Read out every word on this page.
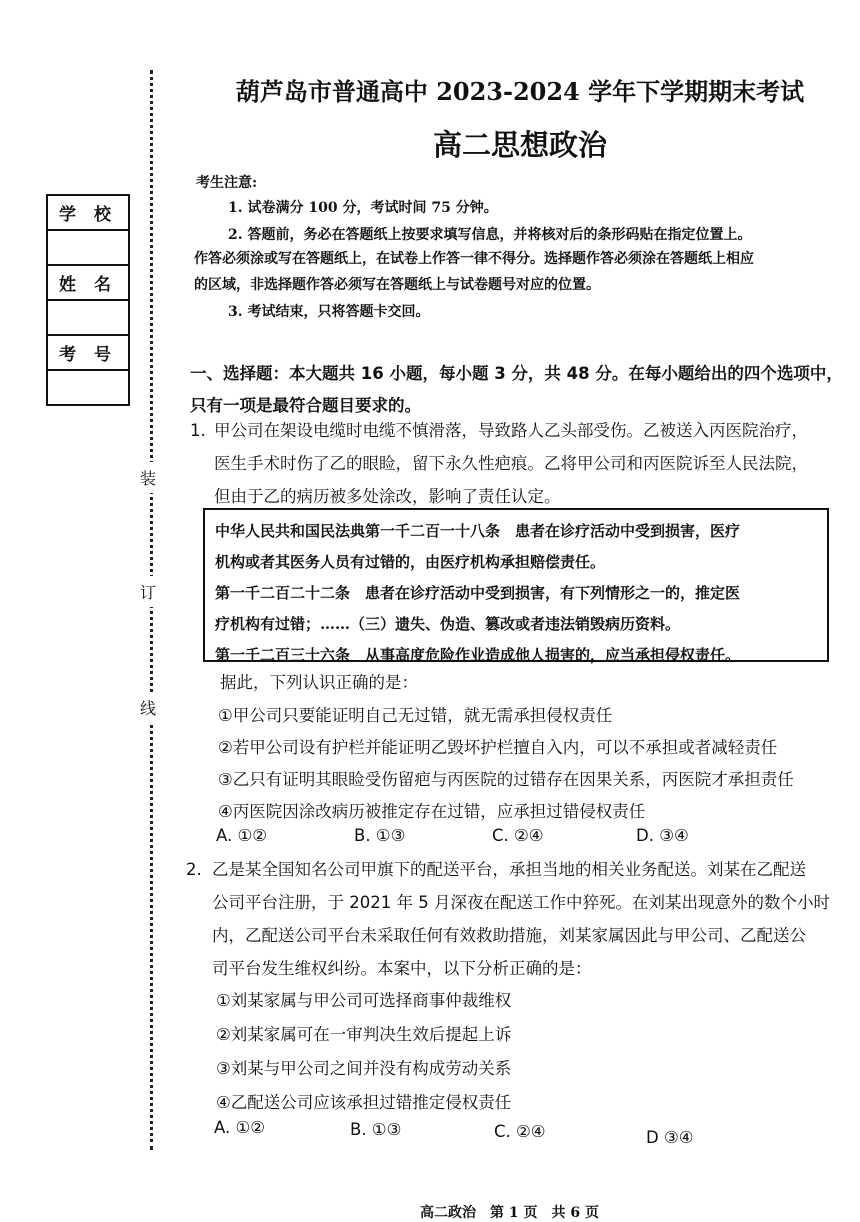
装
订
线
学 校

姓 名

考 号

葫芦岛市普通高中 2023-2024 学年下学期期末考试
高二思想政治
考生注意:
1. 试卷满分 100 分，考试时间 75 分钟。
2. 答题前，务必在答题纸上按要求填写信息，并将核对后的条形码贴在指定位置上。
作答必须涂或写在答题纸上，在试卷上作答一律不得分。选择题作答必须涂在答题纸上相应
的区域，非选择题作答必须写在答题纸上与试卷题号对应的位置。
3. 考试结束，只将答题卡交回。
一、选择题：本大题共 16 小题，每小题 3 分，共 48 分。在每小题给出的四个选项中，
只有一项是最符合题目要求的。
1. 甲公司在架设电缆时电缆不慎滑落，导致路人乙头部受伤。乙被送入丙医院治疗，
医生手术时伤了乙的眼睑，留下永久性疤痕。乙将甲公司和丙医院诉至人民法院，
但由于乙的病历被多处涂改，影响了责任认定。
中华人民共和国民法典第一千二百一十八条　患者在诊疗活动中受到损害，医疗
机构或者其医务人员有过错的，由医疗机构承担赔偿责任。
第一千二百二十二条　患者在诊疗活动中受到损害，有下列情形之一的，推定医
疗机构有过错；……（三）遗失、伪造、篡改或者违法销毁病历资料。
第一千二百三十六条　从事高度危险作业造成他人损害的，应当承担侵权责任。
据此，下列认识正确的是：
①甲公司只要能证明自己无过错，就无需承担侵权责任
②若甲公司设有护栏并能证明乙毁坏护栏擅自入内，可以不承担或者减轻责任
③乙只有证明其眼睑受伤留疤与丙医院的过错存在因果关系，丙医院才承担责任
④丙医院因涂改病历被推定存在过错，应承担过错侵权责任
A. ①②	B. ①③	C. ②④	D. ③④
2. 乙是某全国知名公司甲旗下的配送平台，承担当地的相关业务配送。刘某在乙配送
公司平台注册，于 2021 年 5 月深夜在配送工作中猝死。在刘某出现意外的数个小时
内，乙配送公司平台未采取任何有效救助措施，刘某家属因此与甲公司、乙配送公
司平台发生维权纠纷。本案中，以下分析正确的是：
①刘某家属与甲公司可选择商事仲裁维权
②刘某家属可在一审判决生效后提起上诉
③刘某与甲公司之间并没有构成劳动关系
④乙配送公司应该承担过错推定侵权责任
A. ①②	B. ①③	C. ②④	D ③④
高二政治　第 1 页　共 6 页
